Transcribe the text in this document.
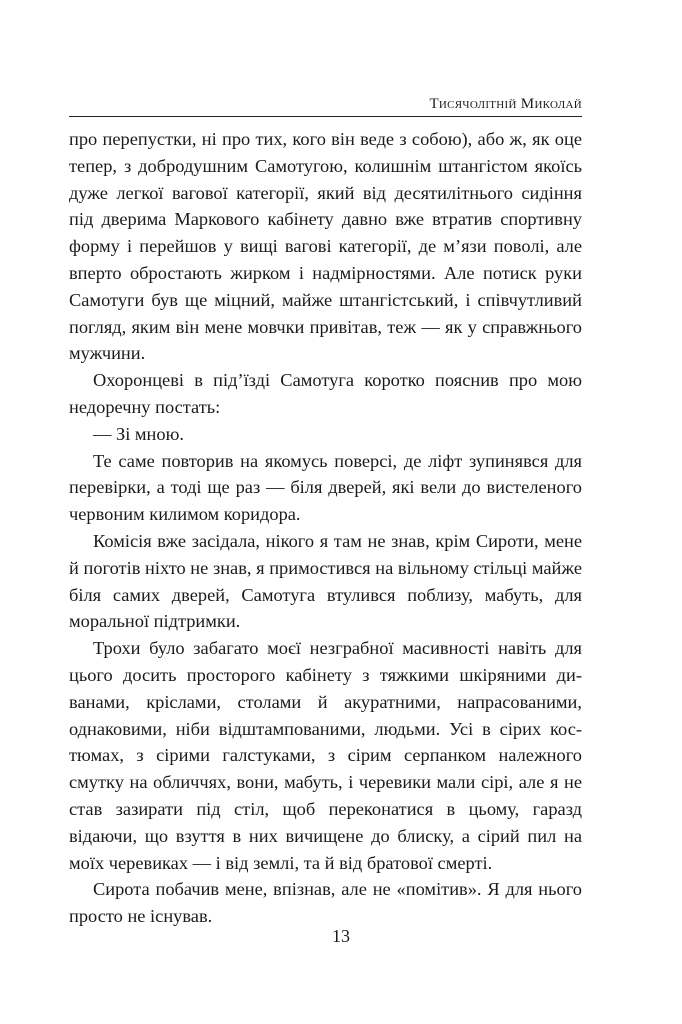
Тисячолітній Миколай

про перепустки, ні про тих, кого він веде з собою), або ж, як оце тепер, з добродушним Самотугою, колишнім штангістом якоїсь дуже легкої вагової категорії, який від десятилітнього сидіння під дверима Маркового кабінету давно вже втратив спортивну форму і перейшов у вищі вагові категорії, де м’язи поволі, але вперто обростають жирком і надмірностями. Але потиск руки Самотуги був ще міцний, майже штангістський, і співчутливий погляд, яким він мене мовчки привітав, теж — як у справжнього мужчини.

Охоронцеві в під’їзді Самотуга коротко пояснив про мою недоречну постать:

— Зі мною.

Те саме повторив на якомусь поверсі, де ліфт зупинявся для перевірки, а тоді ще раз — біля дверей, які вели до вистеленого червоним килимом коридора.

Комісія вже засідала, нікого я там не знав, крім Сироти, мене й поготів ніхто не знав, я примостився на вільному стільці майже біля самих дверей, Самотуга втулився поблизу, мабуть, для моральної підтримки.

Трохи було забагато моєї незграбної масивності навіть для цього досить просторого кабінету з тяжкими шкіряними диванами, кріслами, столами й акуратними, напрасованими, однаковими, ніби відштампованими, людьми. Усі в сірих костюмах, з сірими галстуками, з сірим серпанком належного смутку на обличчях, вони, мабуть, і черевики мали сірі, але я не став зазирати під стіл, щоб переконатися в цьому, гаразд відаючи, що взуття в них вичищене до блиску, а сірий пил на моїх черевиках — і від землі, та й від братової смерті.

Сирота побачив мене, впізнав, але не «помітив». Я для нього просто не існував.

13
